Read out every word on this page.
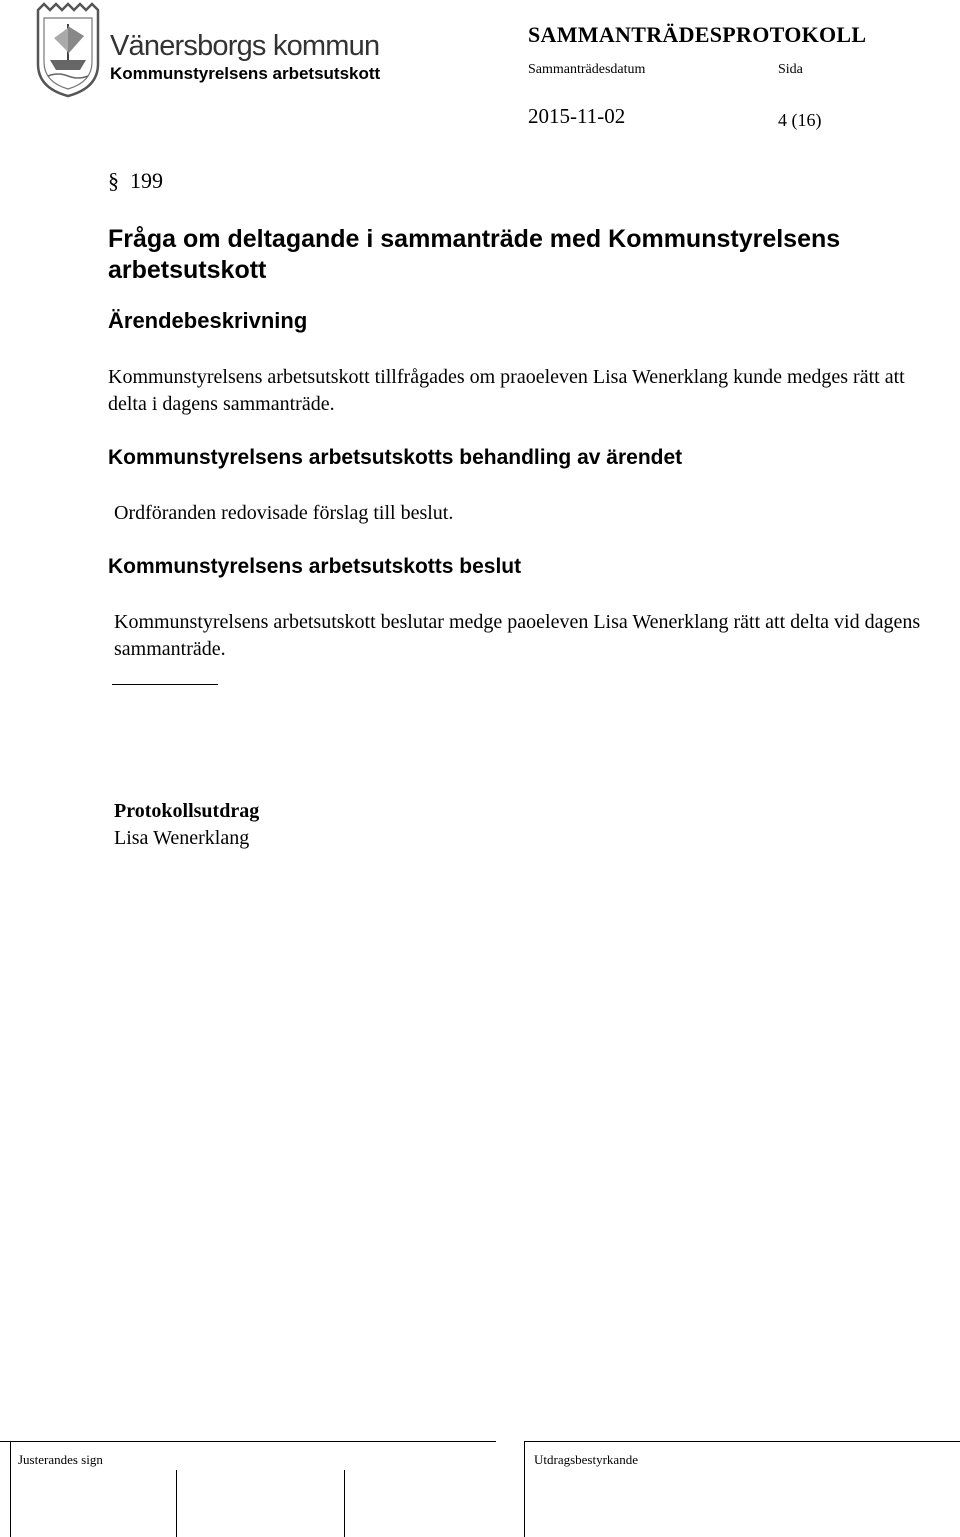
Vänersborgs kommun
Kommunstyrelsens arbetsutskott
SAMMANTRÄDESPROTOKOLL
Sammanträdesdatum	Sida
2015-11-02	4 (16)
§ 199
Fråga om deltagande i sammanträde med Kommunstyrelsens arbetsutskott
Ärendebeskrivning
Kommunstyrelsens arbetsutskott tillfrågades om praoeleven Lisa Wenerklang kunde medges rätt att delta i dagens sammanträde.
Kommunstyrelsens arbetsutskotts behandling av ärendet
Ordföranden redovisade förslag till beslut.
Kommunstyrelsens arbetsutskotts beslut
Kommunstyrelsens arbetsutskott beslutar medge paoeleven Lisa Wenerklang rätt att delta vid dagens sammanträde.
Protokollsutdrag
Lisa Wenerklang
Justerandes sign	Utdragsbestyrkande
